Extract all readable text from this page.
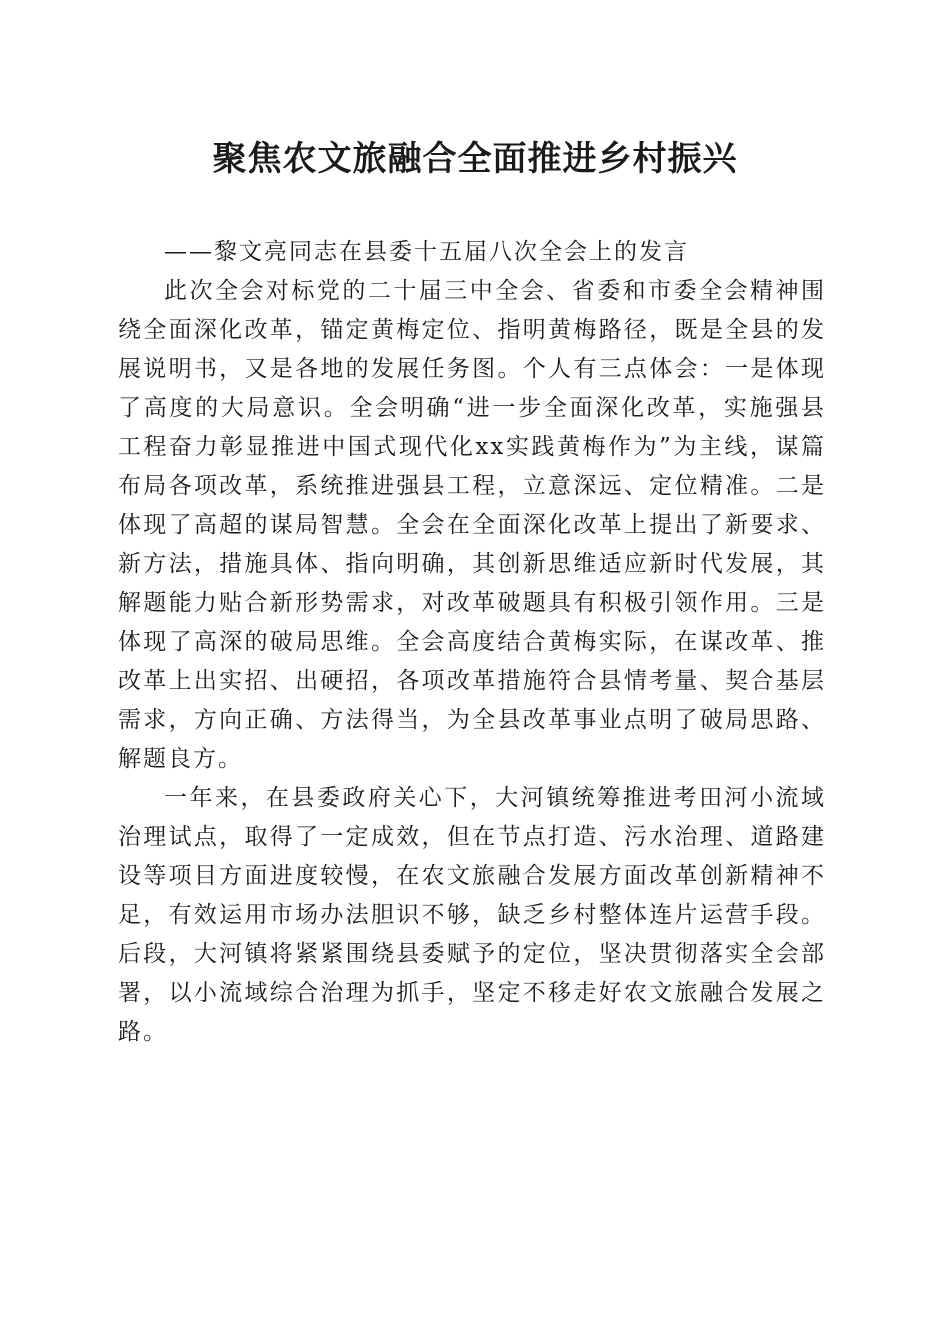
聚焦农文旅融合全面推进乡村振兴

——黎文亮同志在县委十五届八次全会上的发言

此次全会对标党的二十届三中全会、省委和市委全会精神围绕全面深化改革，锚定黄梅定位、指明黄梅路径，既是全县的发展说明书，又是各地的发展任务图。个人有三点体会：一是体现了高度的大局意识。全会明确“进一步全面深化改革，实施强县工程奋力彰显推进中国式现代化xx实践黄梅作为”为主线，谋篇布局各项改革，系统推进强县工程，立意深远、定位精准。二是体现了高超的谋局智慧。全会在全面深化改革上提出了新要求、新方法，措施具体、指向明确，其创新思维适应新时代发展，其解题能力贴合新形势需求，对改革破题具有积极引领作用。三是体现了高深的破局思维。全会高度结合黄梅实际，在谋改革、推改革上出实招、出硬招，各项改革措施符合县情考量、契合基层需求，方向正确、方法得当，为全县改革事业点明了破局思路、解题良方。

一年来，在县委政府关心下，大河镇统筹推进考田河小流域治理试点，取得了一定成效，但在节点打造、污水治理、道路建设等项目方面进度较慢，在农文旅融合发展方面改革创新精神不足，有效运用市场办法胆识不够，缺乏乡村整体连片运营手段。后段，大河镇将紧紧围绕县委赋予的定位，坚决贯彻落实全会部署，以小流域综合治理为抓手，坚定不移走好农文旅融合发展之路。
